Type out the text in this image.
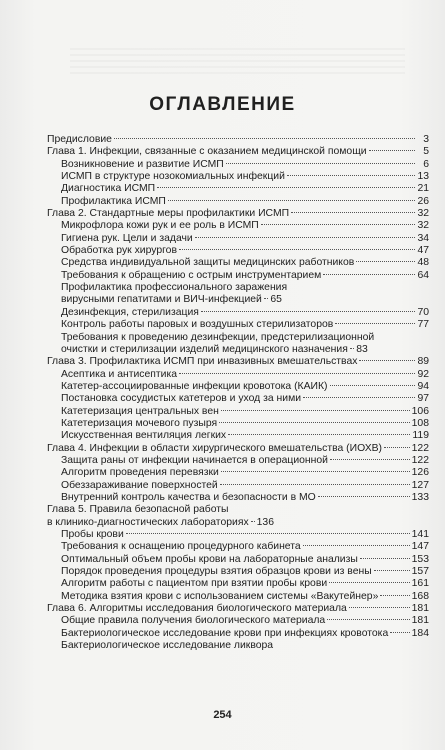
ОГЛАВЛЕНИЕ
Предисловие	3
Глава 1. Инфекции, связанные с оказанием медицинской помощи	5
Возникновение и развитие ИСМП	6
ИСМП в структуре нозокомиальных инфекций	13
Диагностика ИСМП	21
Профилактика ИСМП	26
Глава 2. Стандартные меры профилактики ИСМП	32
Микрофлора кожи рук и ее роль в ИСМП	32
Гигиена рук. Цели и задачи	34
Обработка рук хирургов	47
Средства индивидуальной защиты медицинских работников	48
Требования к обращению с острым инструментарием	64
Профилактика профессионального заражения
вирусными гепатитами и ВИЧ-инфекцией 65
Дезинфекция, стерилизация	70
Контроль работы паровых и воздушных стерилизаторов	77
Требования к проведению дезинфекции, предстерилизационной
очистки и стерилизации изделий медицинского назначения 83
Глава 3. Профилактика ИСМП при инвазивных вмешательствах	89
Асептика и антисептика	92
Катетер-ассоциированные инфекции кровотока (КАИК)	94
Постановка сосудистых катетеров и уход за ними	97
Катетеризация центральных вен	106
Катетеризация мочевого пузыря	108
Искусственная вентиляция легких	119
Глава 4. Инфекции в области хирургического вмешательства (ИОХВ)	122
Защита раны от инфекции начинается в операционной	122
Алгоритм проведения перевязки	126
Обеззараживание поверхностей	127
Внутренний контроль качества и безопасности в МО	133
Глава 5. Правила безопасной работы
в клинико-диагностических лабораториях 136
Пробы крови	141
Требования к оснащению процедурного кабинета	147
Оптимальный объем пробы крови на лабораторные анализы	153
Порядок проведения процедуры взятия образцов крови из вены	157
Алгоритм работы с пациентом при взятии пробы крови	161
Методика взятия крови с использованием системы «Вакутейнер»	168
Глава 6. Алгоритмы исследования биологического материала	181
Общие правила получения биологического материала	181
Бактериологическое исследование крови при инфекциях кровотока 184
Бактериологическое исследование ликвора
254
